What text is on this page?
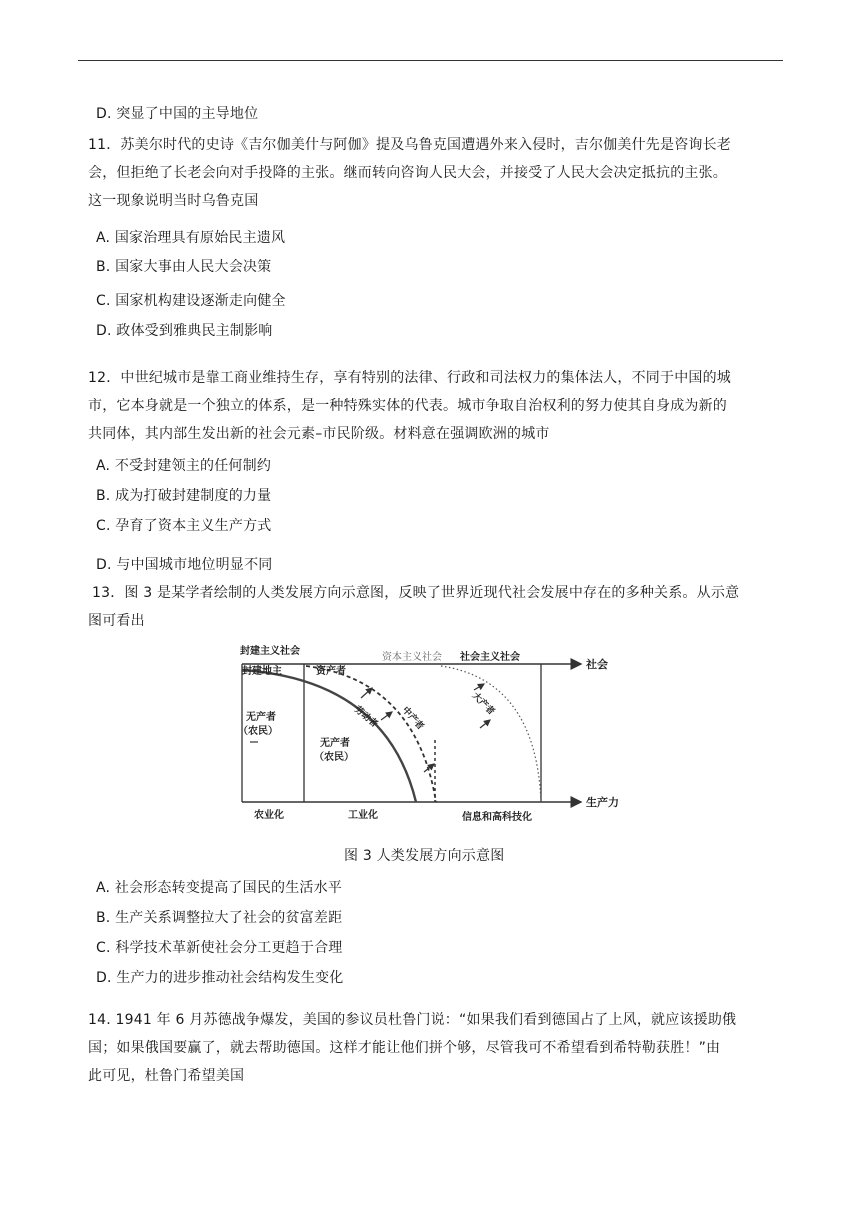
D. 突显了中国的主导地位
11．苏美尔时代的史诗《吉尔伽美什与阿伽》提及乌鲁克国遭遇外来入侵时，吉尔伽美什先是咨询长老
会，但拒绝了长老会向对手投降的主张。继而转向咨询人民大会，并接受了人民大会决定抵抗的主张。
这一现象说明当时乌鲁克国
A. 国家治理具有原始民主遗风
B. 国家大事由人民大会决策
C. 国家机构建设逐渐走向健全
D. 政体受到雅典民主制影响
12．中世纪城市是靠工商业维持生存，享有特别的法律、行政和司法权力的集体法人，不同于中国的城
市，它本身就是一个独立的体系，是一种特殊实体的代表。城市争取自治权利的努力使其自身成为新的
共同体，其内部生发出新的社会元素–市民阶级。材料意在强调欧洲的城市
A. 不受封建领主的任何制约
B. 成为打破封建制度的力量
C. 孕育了资本主义生产方式
D. 与中国城市地位明显不同
13．图 3 是某学者绘制的人类发展方向示意图，反映了世界近现代社会发展中存在的多种关系。从示意
图可看出
封建主义社会
封建地主
资本主义社会 社会主义社会
社会
资产者
无产者
（农民）
无产者
（农民）
劳动者 中产者
大产者
农业化	工业化	信息和高科技化
生产力
图 3 人类发展方向示意图
A. 社会形态转变提高了国民的生活水平
B. 生产关系调整拉大了社会的贫富差距
C. 科学技术革新使社会分工更趋于合理
D. 生产力的进步推动社会结构发生变化
14. 1941 年 6 月苏德战争爆发，美国的参议员杜鲁门说：“如果我们看到德国占了上风，就应该援助俄
国；如果俄国要赢了，就去帮助德国。这样才能让他们拼个够，尽管我可不希望看到希特勒获胜！”由
此可见，杜鲁门希望美国
